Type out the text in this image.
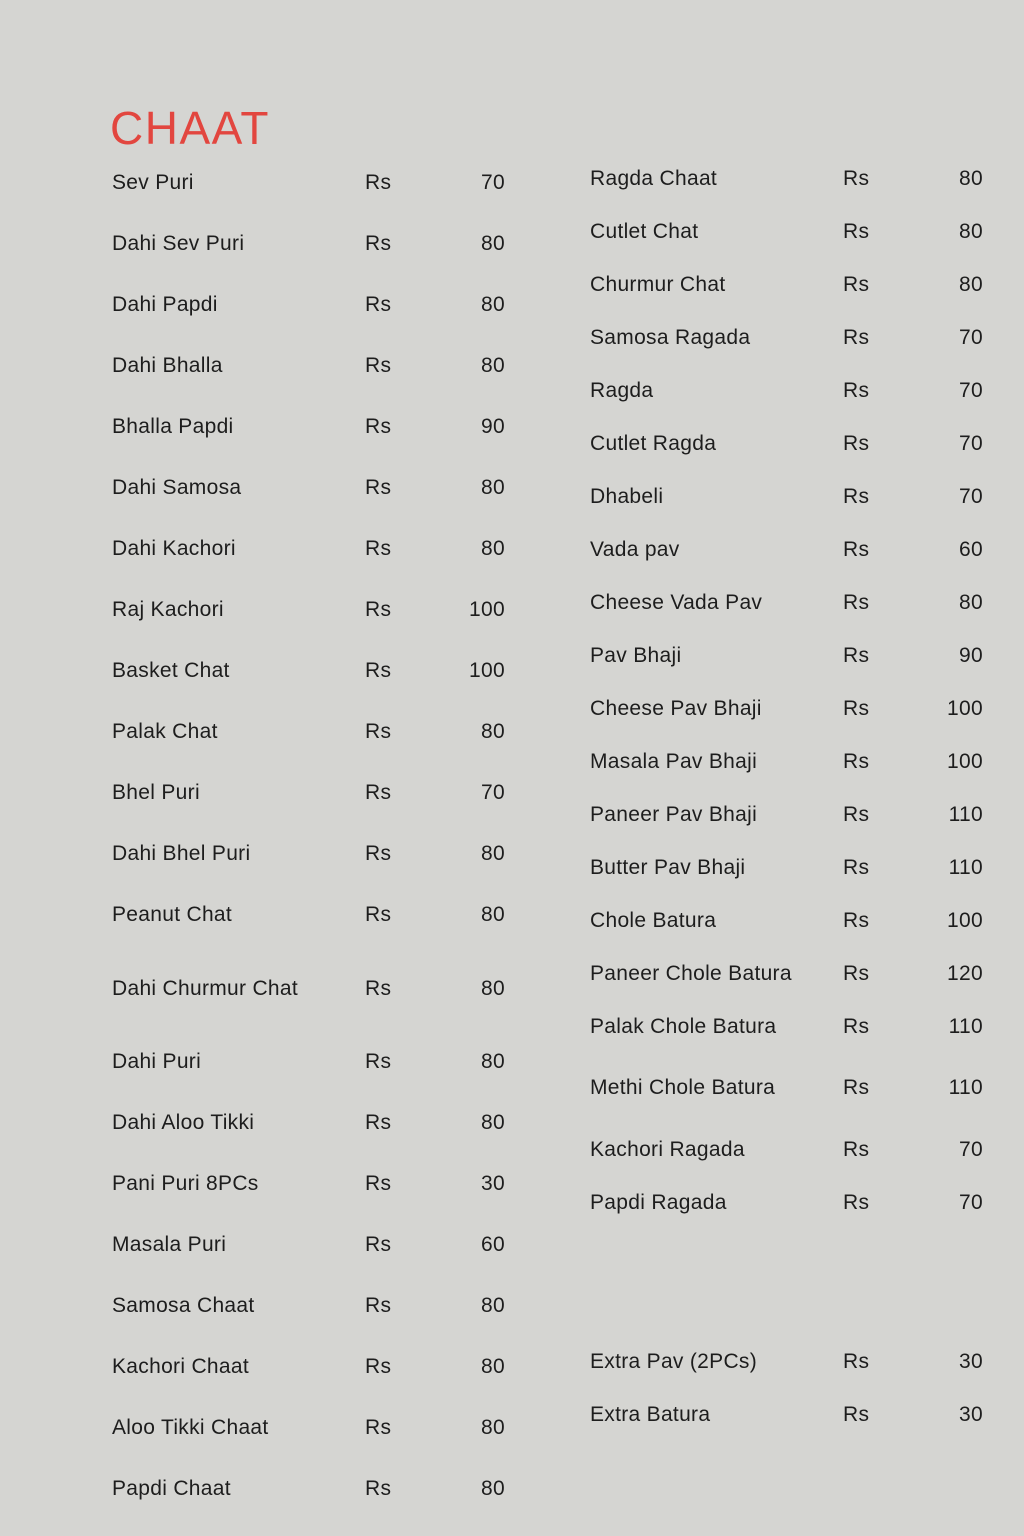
CHAAT
Sev Puri	Rs	70
Dahi Sev Puri	Rs	80
Dahi Papdi	Rs	80
Dahi Bhalla	Rs	80
Bhalla Papdi	Rs	90
Dahi Samosa	Rs	80
Dahi Kachori	Rs	80
Raj Kachori	Rs	100
Basket Chat	Rs	100
Palak Chat	Rs	80
Bhel Puri	Rs	70
Dahi Bhel Puri	Rs	80
Peanut Chat	Rs	80
Dahi Churmur Chat	Rs	80
Dahi Puri	Rs	80
Dahi Aloo Tikki	Rs	80
Pani Puri 8PCs	Rs	30
Masala Puri	Rs	60
Samosa Chaat	Rs	80
Kachori Chaat	Rs	80
Aloo Tikki Chaat	Rs	80
Papdi Chaat	Rs	80
Ragda Chaat	Rs	80
Cutlet Chat	Rs	80
Churmur Chat	Rs	80
Samosa Ragada	Rs	70
Ragda	Rs	70
Cutlet Ragda	Rs	70
Dhabeli	Rs	70
Vada pav	Rs	60
Cheese Vada Pav	Rs	80
Pav Bhaji	Rs	90
Cheese Pav Bhaji	Rs	100
Masala Pav Bhaji	Rs	100
Paneer Pav Bhaji	Rs	110
Butter Pav Bhaji	Rs	110
Chole Batura	Rs	100
Paneer Chole Batura	Rs	120
Palak Chole Batura	Rs	110
Methi Chole Batura	Rs	110
Kachori Ragada	Rs	70
Papdi Ragada	Rs	70
Extra Pav (2PCs)	Rs	30
Extra Batura	Rs	30
